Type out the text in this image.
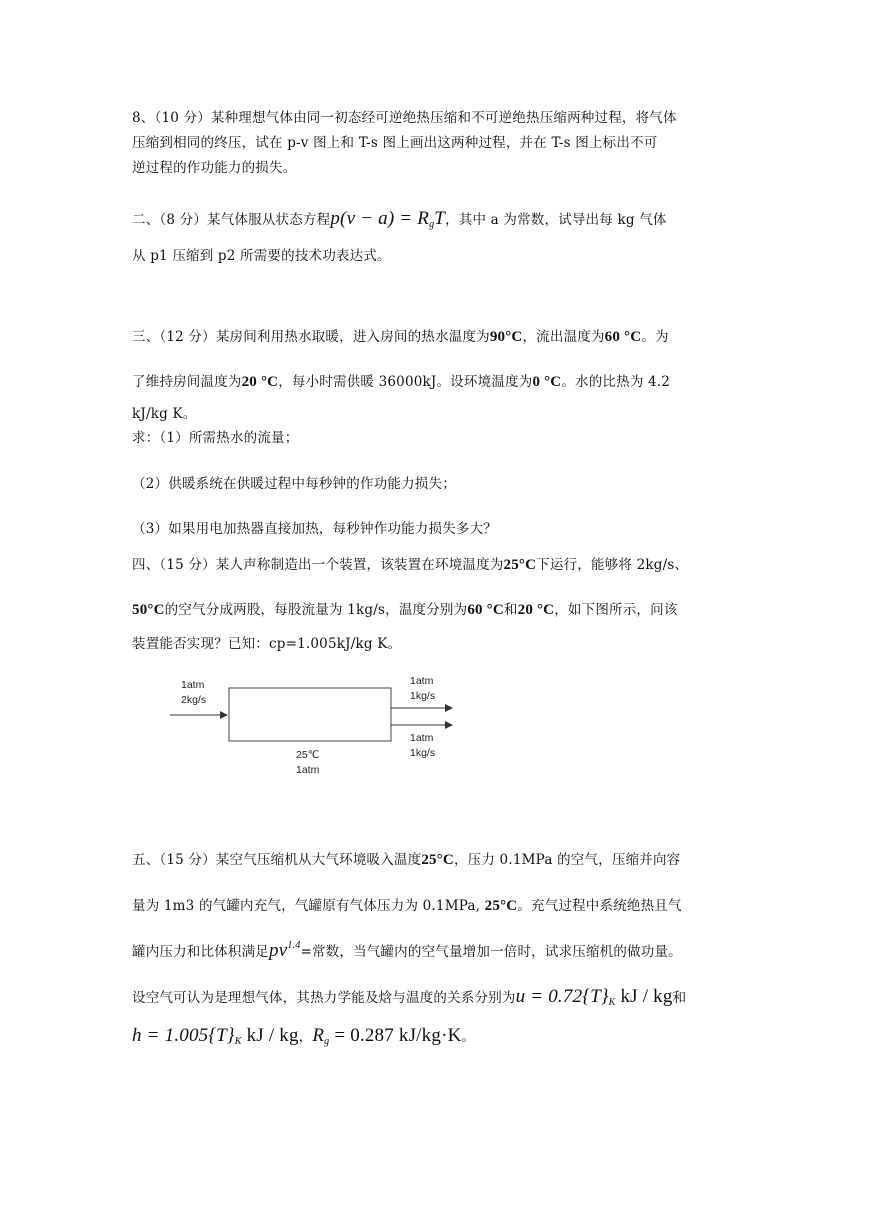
8、（10 分）某种理想气体由同一初态经可逆绝热压缩和不可逆绝热压缩两种过程，将气体
压缩到相同的终压，试在 p-v 图上和 T-s 图上画出这两种过程，并在 T-s 图上标出不可
逆过程的作功能力的损失。
二、（8 分）某气体服从状态方程$p(v - a) = R_gT$，其中 a 为常数，试导出每 kg 气体
从 p1 压缩到 p2 所需要的技术功表达式。
三、（12 分）某房间利用热水取暖，进入房间的热水温度为90°C，流出温度为60 °C。为
了维持房间温度为20 °C，每小时需供暖 36000kJ。设环境温度为0 °C。水的比热为 4.2
kJ/kg K。
求：（1）所需热水的流量；
（2）供暖系统在供暖过程中每秒钟的作功能力损失；
（3）如果用电加热器直接加热，每秒钟作功能力损失多大？
四、（15 分）某人声称制造出一个装置，该装置在环境温度为25°C下运行，能够将 2kg/s、
50°C的空气分成两股，每股流量为 1kg/s，温度分别为60 °C和20 °C，如下图所示，问该
装置能否实现？已知：cp=1.005kJ/kg K。
1atm
2kg/s
1atm
1kg/s
1atm
1kg/s
25℃
1atm
五、（15 分）某空气压缩机从大气环境吸入温度25°C，压力 0.1MPa 的空气，压缩并向容
量为 1m3 的气罐内充气，气罐原有气体压力为 0.1MPa, 25°C。充气过程中系统绝热且气
罐内压力和比体积满足$pv^{1.4}=$常数，当气罐内的空气量增加一倍时，试求压缩机的做功量。
设空气可认为是理想气体，其热力学能及焓与温度的关系分别为$u = 0.72\{T\}_K$ kJ / kg和
$h = 1.005\{T\}_K$ kJ / kg，$R_g = 0.287$ kJ/kg·K。
